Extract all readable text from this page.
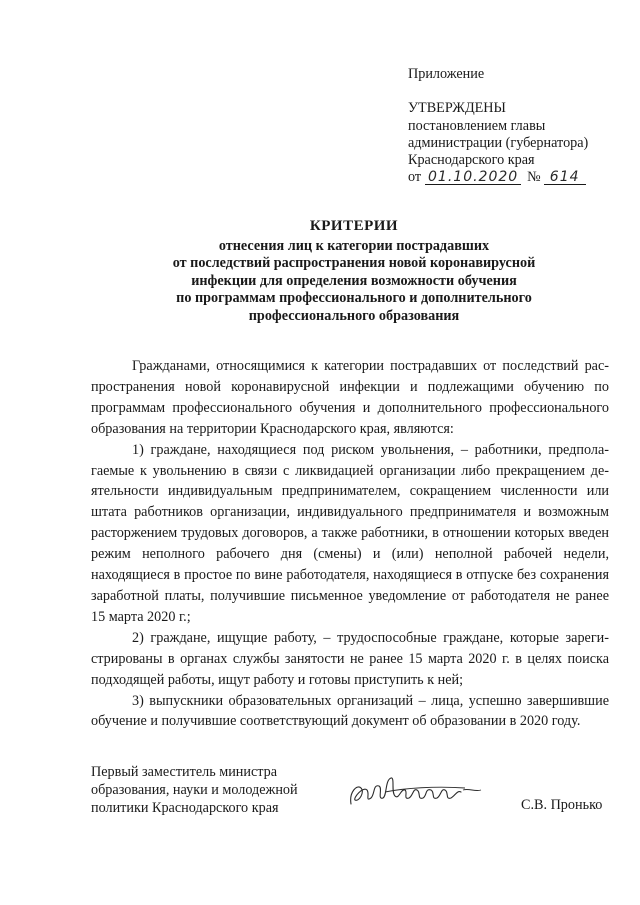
Приложение
УТВЕРЖДЕНЫ
постановлением главы
администрации (губернатора)
Краснодарского края
от 01.10.2020 № 614
КРИТЕРИИ
отнесения лиц к категории пострадавших
от последствий распространения новой коронавирусной
инфекции для определения возможности обучения
по программам профессионального и дополнительного
профессионального образования

Гражданами, относящимися к категории пострадавших от последствий распространения новой коронавирусной инфекции и подлежащими обучению по программам профессионального обучения и дополнительного профессионального образования на территории Краснодарского края, являются:

1) граждане, находящиеся под риском увольнения, – работники, предполагаемые к увольнению в связи с ликвидацией организации либо прекращением деятельности индивидуальным предпринимателем, сокращением численности или штата работников организации, индивидуального предпринимателя и возможным расторжением трудовых договоров, а также работники, в отношении которых введен режим неполного рабочего дня (смены) и (или) неполной рабочей недели, находящиеся в простое по вине работодателя, находящиеся в отпуске без сохранения заработной платы, получившие письменное уведомление от работодателя не ранее 15 марта 2020 г.;

2) граждане, ищущие работу, – трудоспособные граждане, которые зарегистрированы в органах службы занятости не ранее 15 марта 2020 г. в целях поиска подходящей работы, ищут работу и готовы приступить к ней;

3) выпускники образовательных организаций – лица, успешно завершившие обучение и получившие соответствующий документ об образовании в 2020 году.

Первый заместитель министра
образования, науки и молодежной
политики Краснодарского края	С.В. Пронько
